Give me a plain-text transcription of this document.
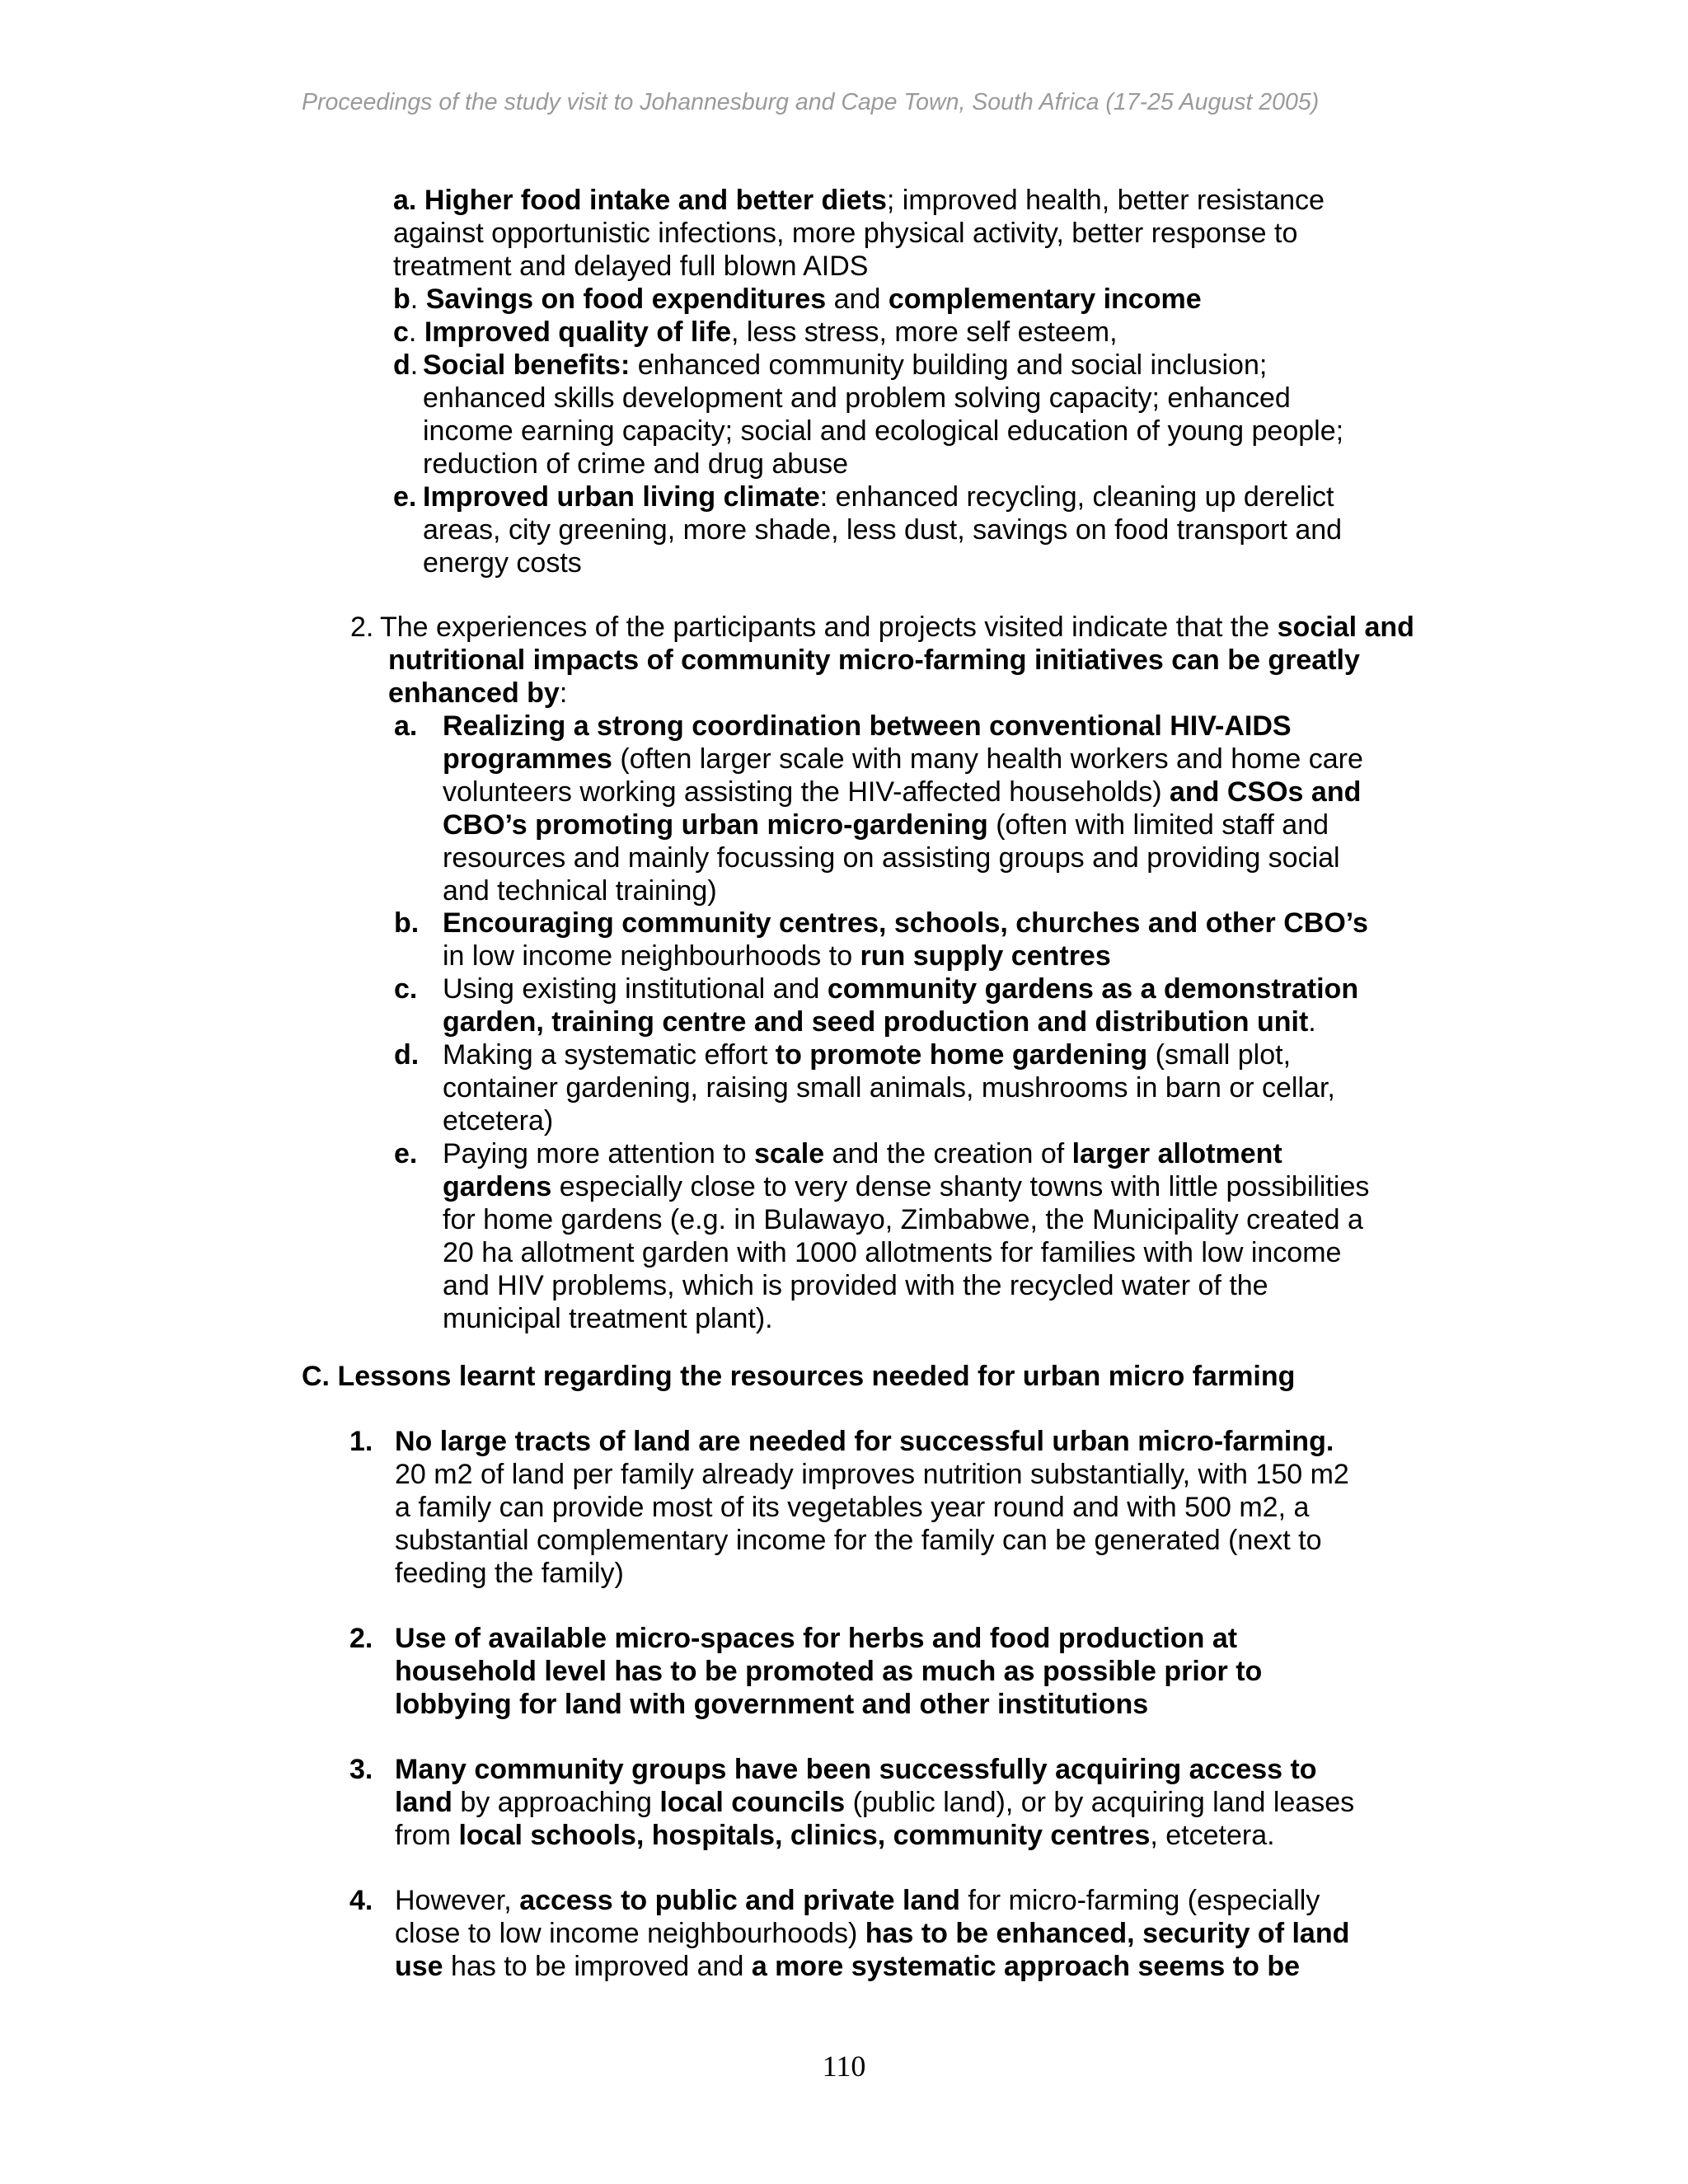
Proceedings of the study visit to Johannesburg and Cape Town, South Africa (17-25 August 2005)
a. Higher food intake and better diets; improved health, better resistance against opportunistic infections, more physical activity, better response to treatment and delayed full blown AIDS
b. Savings on food expenditures and complementary income
c. Improved quality of life, less stress, more self esteem,
d. Social benefits: enhanced community building and social inclusion; enhanced skills development and problem solving capacity; enhanced income earning capacity; social and ecological education of young people; reduction of crime and drug abuse
e. Improved urban living climate: enhanced recycling, cleaning up derelict areas, city greening, more shade, less dust, savings on food transport and energy costs
2. The experiences of the participants and projects visited indicate that the social and nutritional impacts of community micro-farming initiatives can be greatly enhanced by:
a. Realizing a strong coordination between conventional HIV-AIDS programmes (often larger scale with many health workers and home care volunteers working assisting the HIV-affected households) and CSOs and CBO’s promoting urban micro-gardening (often with limited staff and resources and mainly focussing on assisting groups and providing social and technical training)
b. Encouraging community centres, schools, churches and other CBO’s in low income neighbourhoods to run supply centres
c. Using existing institutional and community gardens as a demonstration garden, training centre and seed production and distribution unit.
d. Making a systematic effort to promote home gardening (small plot, container gardening, raising small animals, mushrooms in barn or cellar, etcetera)
e. Paying more attention to scale and the creation of larger allotment gardens especially close to very dense shanty towns with little possibilities for home gardens (e.g. in Bulawayo, Zimbabwe, the Municipality created a 20 ha allotment garden with 1000 allotments for families with low income and HIV problems, which is provided with the recycled water of the municipal treatment plant).
C. Lessons learnt regarding the resources needed for urban micro farming
1. No large tracts of land are needed for successful urban micro-farming. 20 m2 of land per family already improves nutrition substantially, with 150 m2 a family can provide most of its vegetables year round and with 500 m2, a substantial complementary income for the family can be generated (next to feeding the family)
2. Use of available micro-spaces for herbs and food production at household level has to be promoted as much as possible prior to lobbying for land with government and other institutions
3. Many community groups have been successfully acquiring access to land by approaching local councils (public land), or by acquiring land leases from local schools, hospitals, clinics, community centres, etcetera.
4. However, access to public and private land for micro-farming (especially close to low income neighbourhoods) has to be enhanced, security of land use has to be improved and a more systematic approach seems to be
110
